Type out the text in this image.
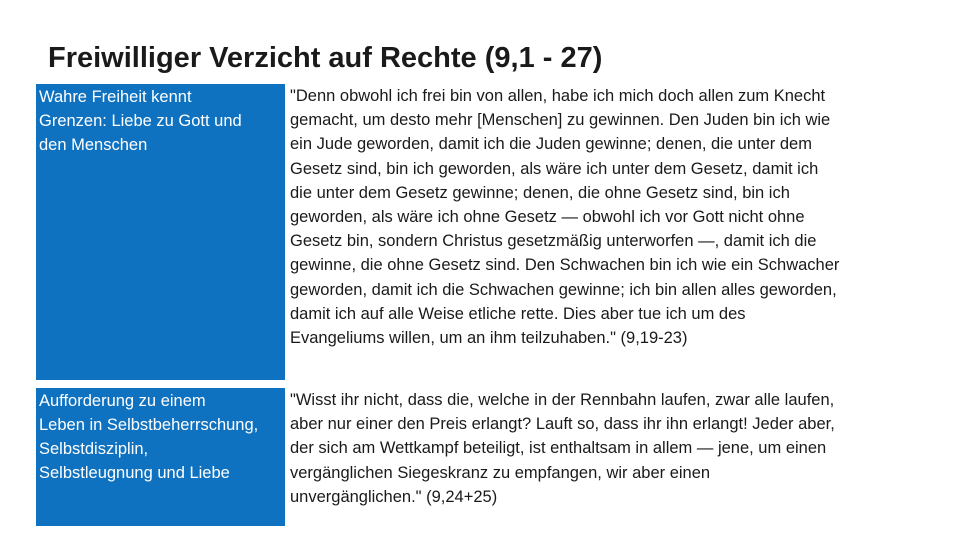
Freiwilliger Verzicht auf Rechte (9,1 - 27)
Wahre Freiheit kennt
Grenzen: Liebe zu Gott und
den Menschen
"Denn obwohl ich frei bin von allen, habe ich mich doch allen zum Knecht
gemacht, um desto mehr [Menschen] zu gewinnen. Den Juden bin ich wie
ein Jude geworden, damit ich die Juden gewinne; denen, die unter dem
Gesetz sind, bin ich geworden, als wäre ich unter dem Gesetz, damit ich
die unter dem Gesetz gewinne; denen, die ohne Gesetz sind, bin ich
geworden, als wäre ich ohne Gesetz — obwohl ich vor Gott nicht ohne
Gesetz bin, sondern Christus gesetzmäßig unterworfen —, damit ich die
gewinne, die ohne Gesetz sind. Den Schwachen bin ich wie ein Schwacher
geworden, damit ich die Schwachen gewinne; ich bin allen alles geworden,
damit ich auf alle Weise etliche rette. Dies aber tue ich um des
Evangeliums willen, um an ihm teilzuhaben." (9,19-23)
Aufforderung zu einem
Leben in Selbstbeherrschung,
Selbstdisziplin,
Selbstleugnung und Liebe
"Wisst ihr nicht, dass die, welche in der Rennbahn laufen, zwar alle laufen,
aber nur einer den Preis erlangt? Lauft so, dass ihr ihn erlangt! Jeder aber,
der sich am Wettkampf beteiligt, ist enthaltsam in allem — jene, um einen
vergänglichen Siegeskranz zu empfangen, wir aber einen
unvergänglichen." (9,24+25)
